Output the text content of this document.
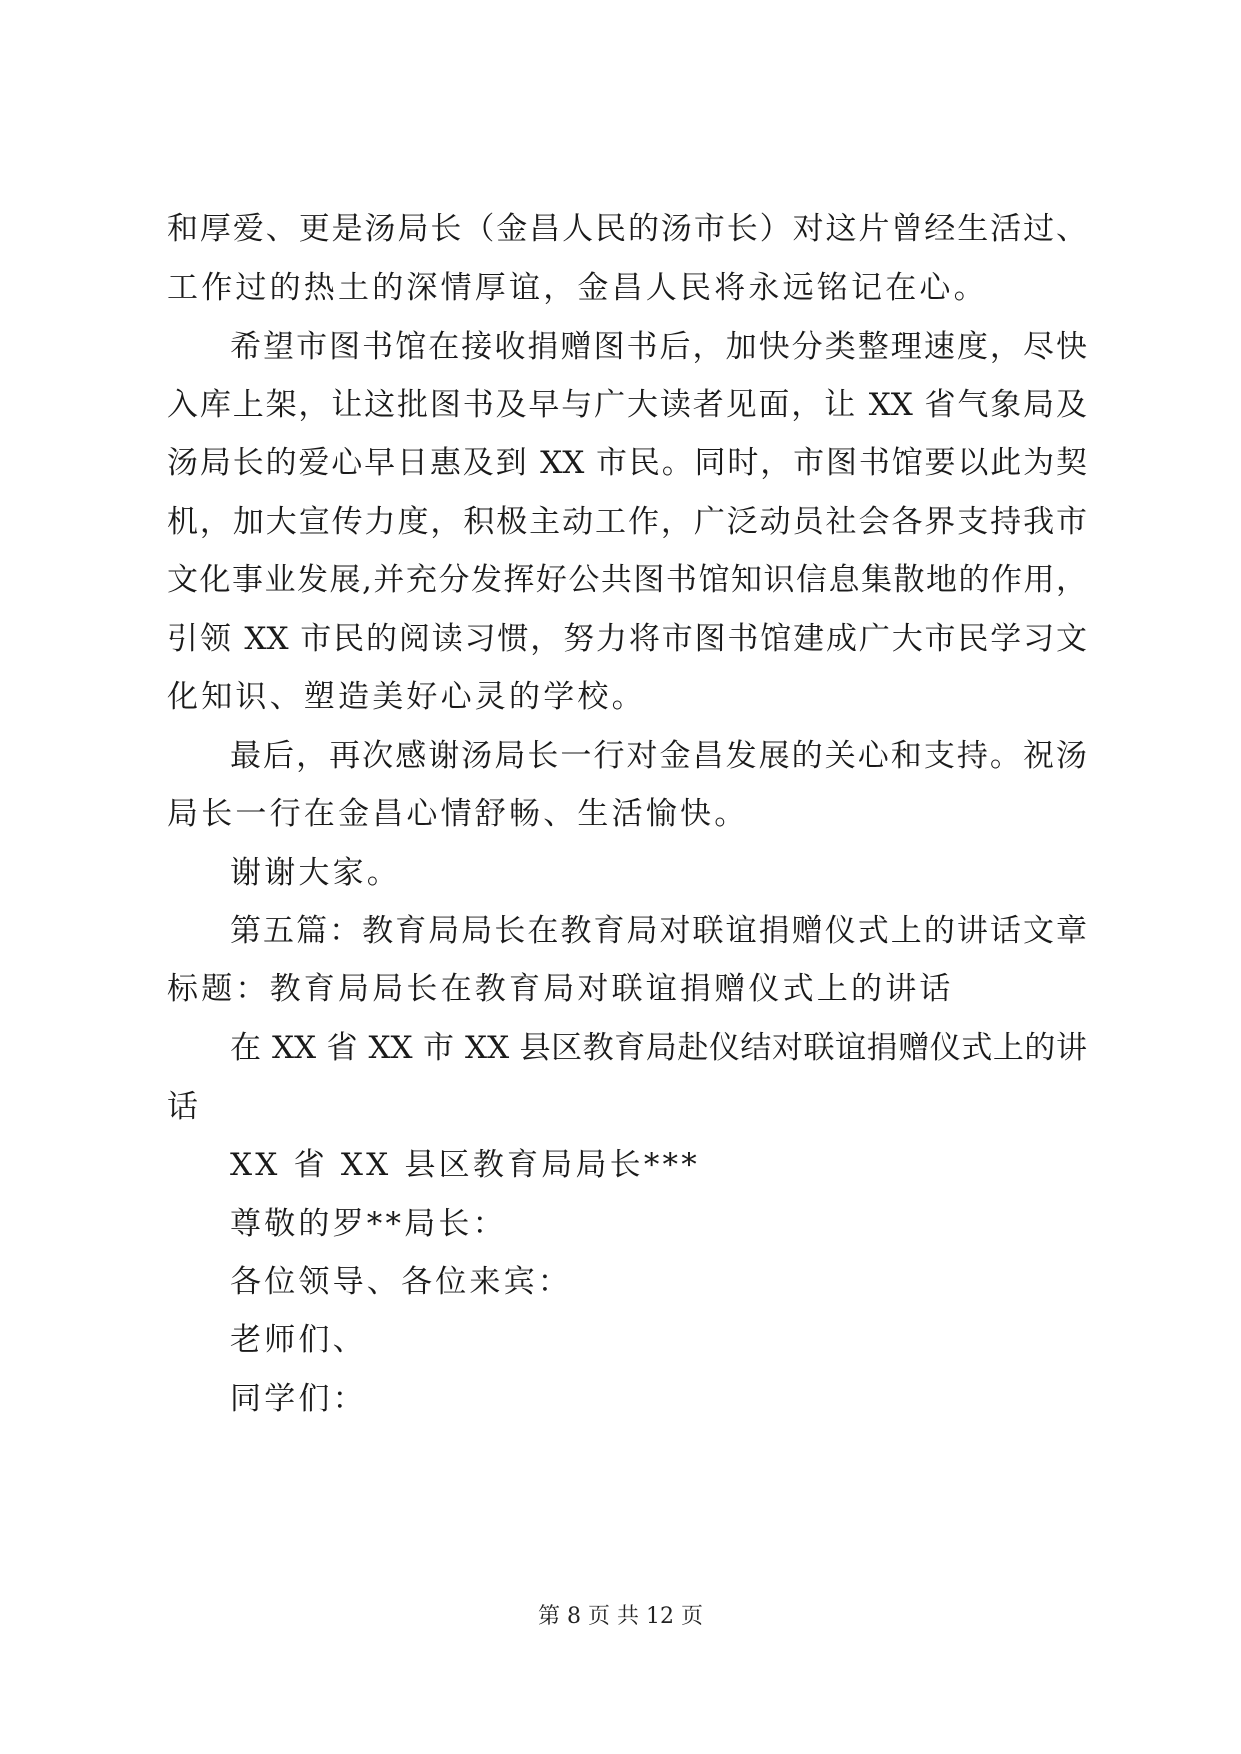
和厚爱、更是汤局长（金昌人民的汤市长）对这片曾经生活过、
工作过的热土的深情厚谊，金昌人民将永远铭记在心。
希望市图书馆在接收捐赠图书后，加快分类整理速度，尽快
入库上架，让这批图书及早与广大读者见面，让 XX 省气象局及
汤局长的爱心早日惠及到 XX 市民。同时，市图书馆要以此为契
机，加大宣传力度，积极主动工作，广泛动员社会各界支持我市
文化事业发展,并充分发挥好公共图书馆知识信息集散地的作用，
引领 XX 市民的阅读习惯，努力将市图书馆建成广大市民学习文
化知识、塑造美好心灵的学校。
最后，再次感谢汤局长一行对金昌发展的关心和支持。祝汤
局长一行在金昌心情舒畅、生活愉快。
谢谢大家。
第五篇：教育局局长在教育局对联谊捐赠仪式上的讲话文章
标题：教育局局长在教育局对联谊捐赠仪式上的讲话
在 XX 省 XX 市 XX 县区教育局赴仪结对联谊捐赠仪式上的讲
话
XX 省 XX 县区教育局局长***
尊敬的罗**局长：
各位领导、各位来宾：
老师们、
同学们：
第 8 页 共 12 页
